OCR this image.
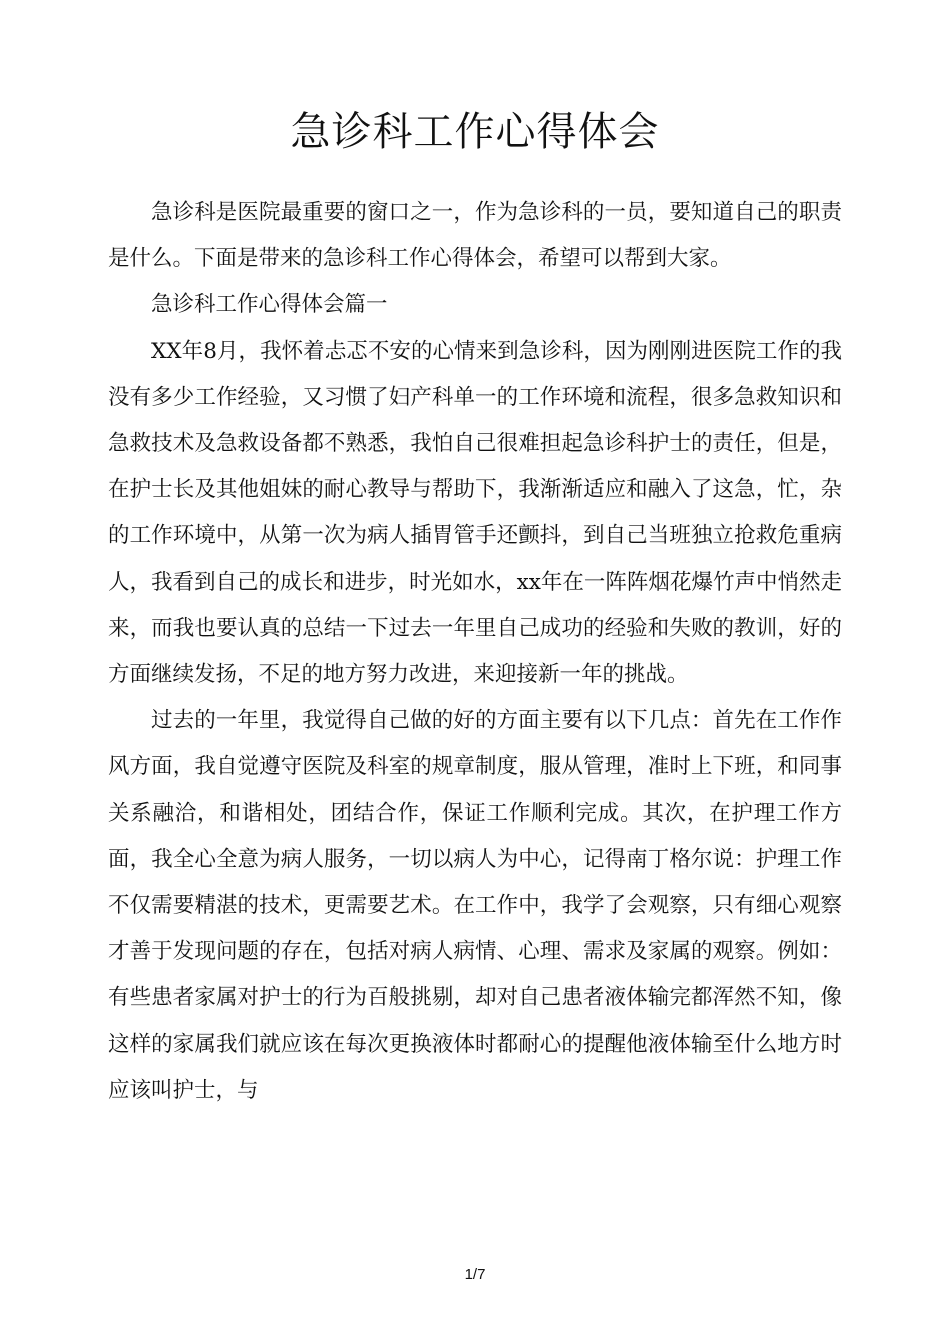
急诊科工作心得体会

急诊科是医院最重要的窗口之一，作为急诊科的一员，要知道自己的职责是什么。下面是带来的急诊科工作心得体会，希望可以帮到大家。

急诊科工作心得体会篇一

XX年8月，我怀着忐忑不安的心情来到急诊科，因为刚刚进医院工作的我没有多少工作经验，又习惯了妇产科单一的工作环境和流程，很多急救知识和急救技术及急救设备都不熟悉，我怕自己很难担起急诊科护士的责任，但是，在护士长及其他姐妹的耐心教导与帮助下，我渐渐适应和融入了这急，忙，杂的工作环境中，从第一次为病人插胃管手还颤抖，到自己当班独立抢救危重病人，我看到自己的成长和进步，时光如水，xx年在一阵阵烟花爆竹声中悄然走来，而我也要认真的总结一下过去一年里自己成功的经验和失败的教训，好的方面继续发扬，不足的地方努力改进，来迎接新一年的挑战。

过去的一年里，我觉得自己做的好的方面主要有以下几点：首先在工作作风方面，我自觉遵守医院及科室的规章制度，服从管理，准时上下班，和同事关系融洽，和谐相处，团结合作，保证工作顺利完成。其次，在护理工作方面，我全心全意为病人服务，一切以病人为中心，记得南丁格尔说：护理工作不仅需要精湛的技术，更需要艺术。在工作中，我学了会观察，只有细心观察才善于发现问题的存在，包括对病人病情、心理、需求及家属的观察。例如：有些患者家属对护士的行为百般挑剔，却对自己患者液体输完都浑然不知，像这样的家属我们就应该在每次更换液体时都耐心的提醒他液体输至什么地方时应该叫护士，与

1/7
